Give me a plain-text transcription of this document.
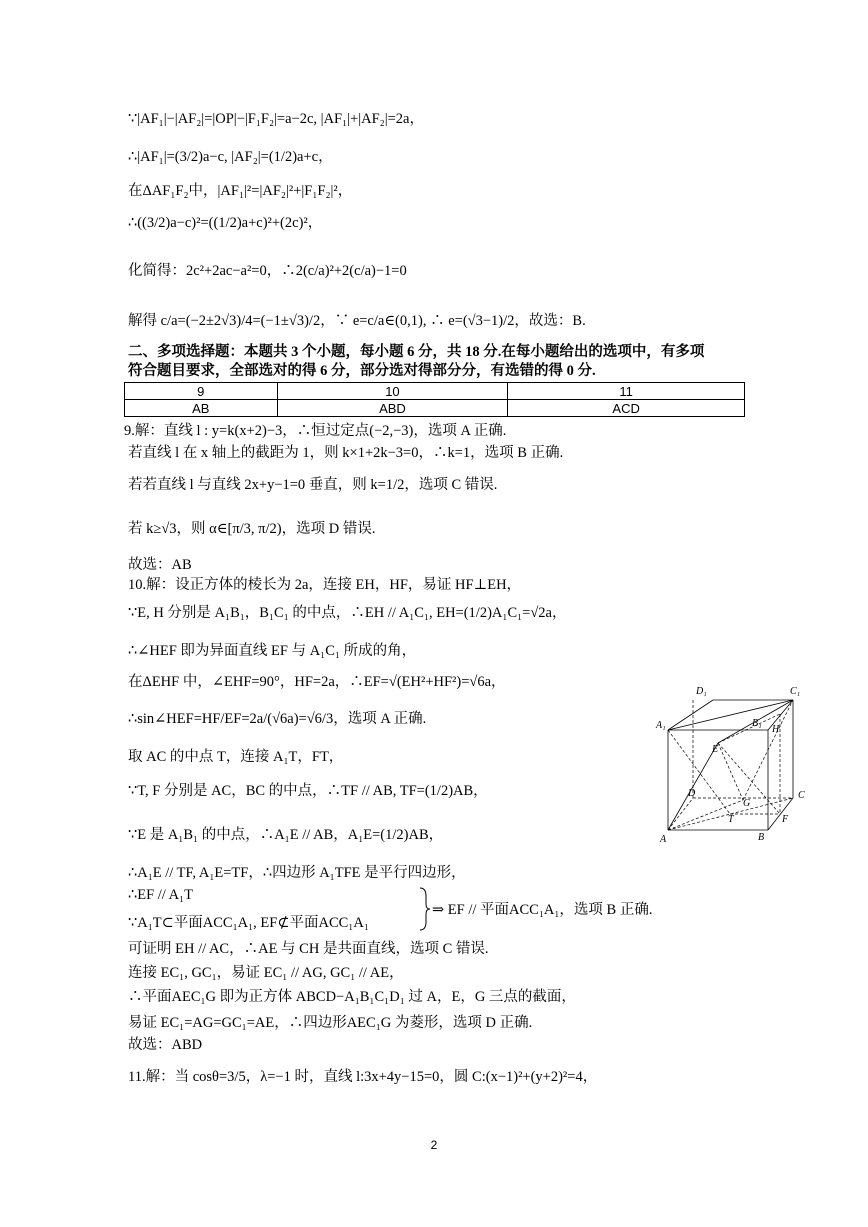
∵|AF₁|−|AF₂|=|OP|−|F₁F₂|=a−2c, |AF₁|+|AF₂|=2a，
∴|AF₁|=(3/2)a−c, |AF₂|=(1/2)a+c，
在ΔAF₁F₂中，|AF₁|²=|AF₂|²+|F₁F₂|²，
∴((3/2)a−c)²=((1/2)a+c)²+(2c)²，
化简得：2c²+2ac−a²=0，∴2(c/a)²+2(c/a)−1=0
解得 c/a=(−2±2√3)/4=(−1±√3)/2，∵ e=c/a∈(0,1), ∴ e=(√3−1)/2，故选：B.
二、多项选择题：本题共 3 个小题，每小题 6 分，共 18 分.在每小题给出的选项中，有多项
符合题目要求，全部选对的得 6 分，部分选对得部分分，有选错的得 0 分.
9	10	11
AB	ABD	ACD
9.解：直线 l : y=k(x+2)−3，∴恒过定点(−2,−3)，选项 A 正确.
若直线 l 在 x 轴上的截距为 1，则 k×1+2k−3=0，∴k=1，选项 B 正确.
若若直线 l 与直线 2x+y−1=0 垂直，则 k=1/2，选项 C 错误.
若 k≥√3，则 α∈[π/3, π/2)，选项 D 错误.
故选：AB
10.解：设正方体的棱长为 2a，连接 EH，HF，易证 HF⊥EH，
∵E, H 分别是 A₁B₁，B₁C₁ 的中点，∴EH // A₁C₁, EH=(1/2)A₁C₁=√2a，
∴∠HEF 即为异面直线 EF 与 A₁C₁ 所成的角，
在ΔEHF 中，∠EHF=90°，HF=2a，∴EF=√(EH²+HF²)=√6a，
∴sin∠HEF=HF/EF=2a/(√6a)=√6/3，选项 A 正确.
取 AC 的中点 T，连接 A₁T，FT，
∵T, F 分别是 AC，BC 的中点，∴TF // AB, TF=(1/2)AB，
∵E 是 A₁B₁ 的中点，∴A₁E // AB，A₁E=(1/2)AB，
∴A₁E // TF, A₁E=TF，∴四边形 A₁TFE 是平行四边形，
∴EF // A₁T
∵A₁T⊂平面ACC₁A₁, EF⊄平面ACC₁A₁
⇒ EF // 平面ACC₁A₁，选项 B 正确.
可证明 EH // AC，∴AE 与 CH 是共面直线，选项 C 错误.
连接 EC₁, GC₁，易证 EC₁ // AG, GC₁ // AE，
∴平面AEC₁G 即为正方体 ABCD−A₁B₁C₁D₁ 过 A，E，G 三点的截面，
易证 EC₁=AG=GC₁=AE，∴四边形AEC₁G 为菱形，选项 D 正确.
故选：ABD
11.解：当 cosθ=3/5，λ=−1 时，直线 l:3x+4y−15=0，圆 C:(x−1)²+(y+2)²=4，
A₁
D₁	C₁
B₁
H
E
D	C
G
T	F
A	B
2
